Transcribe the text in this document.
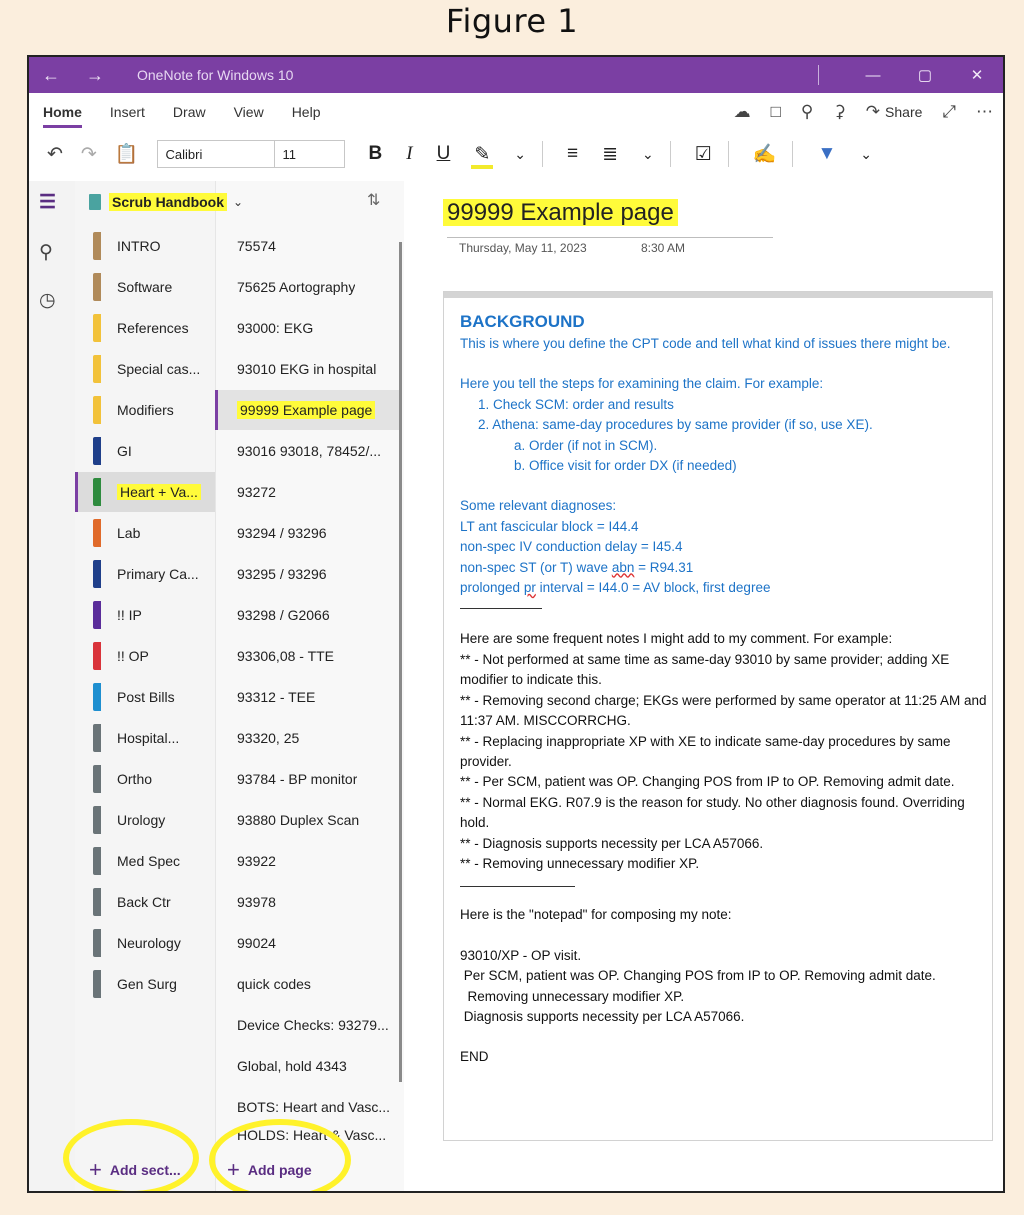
Figure 1
←	→	OneNote for Windows 10	—	▢	✕
Home Insert Draw View Help	☁ □ ⚲ ⚳ ↷ Share ⤢ ⋯
↶ ↷ 📋	Calibri	11	B I U ✎ ⌄ ≡ ≣ ⌄ ☑ ✍ ▼ ⌄
☰
⚲
◷
Scrub Handbook ⌄	⇅
INTRO
Software
References
Special cas...
Modifiers
GI
Heart + Va...
Lab
Primary Ca...
!! IP
!! OP
Post Bills
Hospital...
Ortho
Urology
Med Spec
Back Ctr
Neurology
Gen Surg
75574
75625 Aortography
93000: EKG
93010 EKG in hospital
99999 Example page
93016 93018, 78452/...
93272
93294 / 93296
93295 / 93296
93298 / G2066
93306,08 - TTE
93312 - TEE
93320, 25
93784 - BP monitor
93880 Duplex Scan
93922
93978
99024
quick codes
Device Checks: 93279...
Global, hold 4343
BOTS: Heart and Vasc...
HOLDS: Heart & Vasc...
+ Add sect... + Add page
99999 Example page
Thursday, May 11, 2023	8:30 AM
BACKGROUND
This is where you define the CPT code and tell what kind of issues there might be.
Here you tell the steps for examining the claim. For example:
1. Check SCM: order and results
2. Athena: same-day procedures by same provider (if so, use XE).
a. Order (if not in SCM).
b. Office visit for order DX (if needed)
Some relevant diagnoses:
LT ant fascicular block = I44.4
non-spec IV conduction delay = I45.4
non-spec ST (or T) wave abn = R94.31
prolonged pr interval = I44.0 = AV block, first degree
Here are some frequent notes I might add to my comment. For example:
** - Not performed at same time as same-day 93010 by same provider; adding XE modifier to indicate this.
** - Removing second charge; EKGs were performed by same operator at 11:25 AM and 11:37 AM. MISCCORRCHG.
** - Replacing inappropriate XP with XE to indicate same-day procedures by same provider.
** - Per SCM, patient was OP. Changing POS from IP to OP. Removing admit date.
** - Normal EKG. R07.9 is the reason for study. No other diagnosis found. Overriding hold.
** - Diagnosis supports necessity per LCA A57066.
** - Removing unnecessary modifier XP.
Here is the "notepad" for composing my note:
93010/XP - OP visit.
Per SCM, patient was OP. Changing POS from IP to OP. Removing admit date.
Removing unnecessary modifier XP.
Diagnosis supports necessity per LCA A57066.
END
